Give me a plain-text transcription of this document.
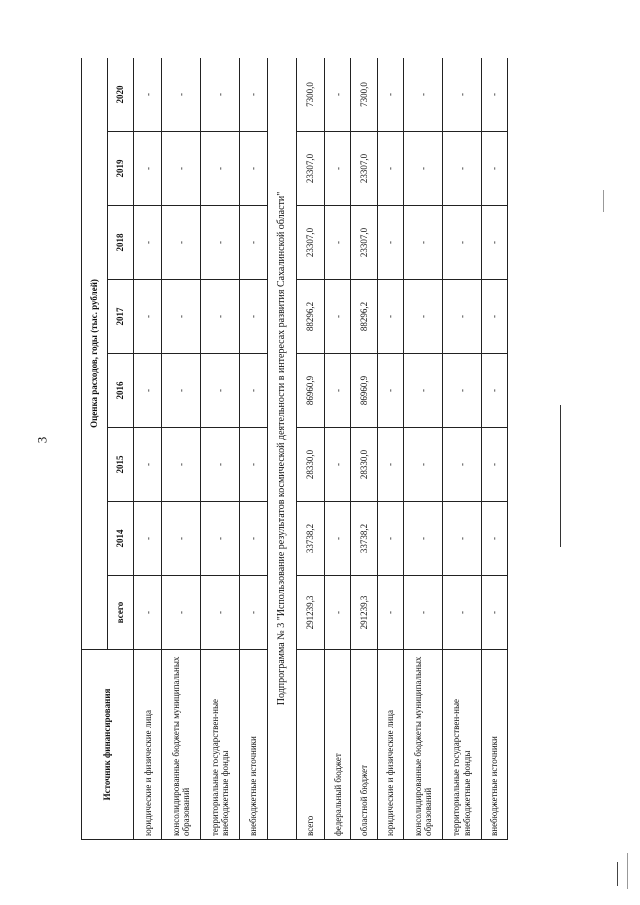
3
Источник финансирования	Оценка расходов, годы (тыс. рублей)							
	всего	2014	2015	2016	2017	2018	2019	2020
юридические и физические лица	-	-	-	-	-	-	-	-
консолидированные бюджеты муниципальных образований	-	-	-	-	-	-	-	-
территориальные государствен-ные внебюджетные фонды	-	-	-	-	-	-	-	-
внебюджетные источники	-	-	-	-	-	-	-	-
Подпрограмма № 3 "Использование результатов космической деятельности в интересах развития Сахалинской области"								
всего	291239,3	33738,2	28330,0	86960,9	88296,2	23307,0	23307,0	7300,0
федеральный бюджет	-	-	-	-	-	-	-	-
областной бюджет	291239,3	33738,2	28330,0	86960,9	88296,2	23307,0	23307,0	7300,0
юридические и физические лица	-	-	-	-	-	-	-	-
консолидированные бюджеты муниципальных образований	-	-	-	-	-	-	-	-
территориальные государствен-ные внебюджетные фонды	-	-	-	-	-	-	-	-
внебюджетные источники	-	-	-	-	-	-	-	-
